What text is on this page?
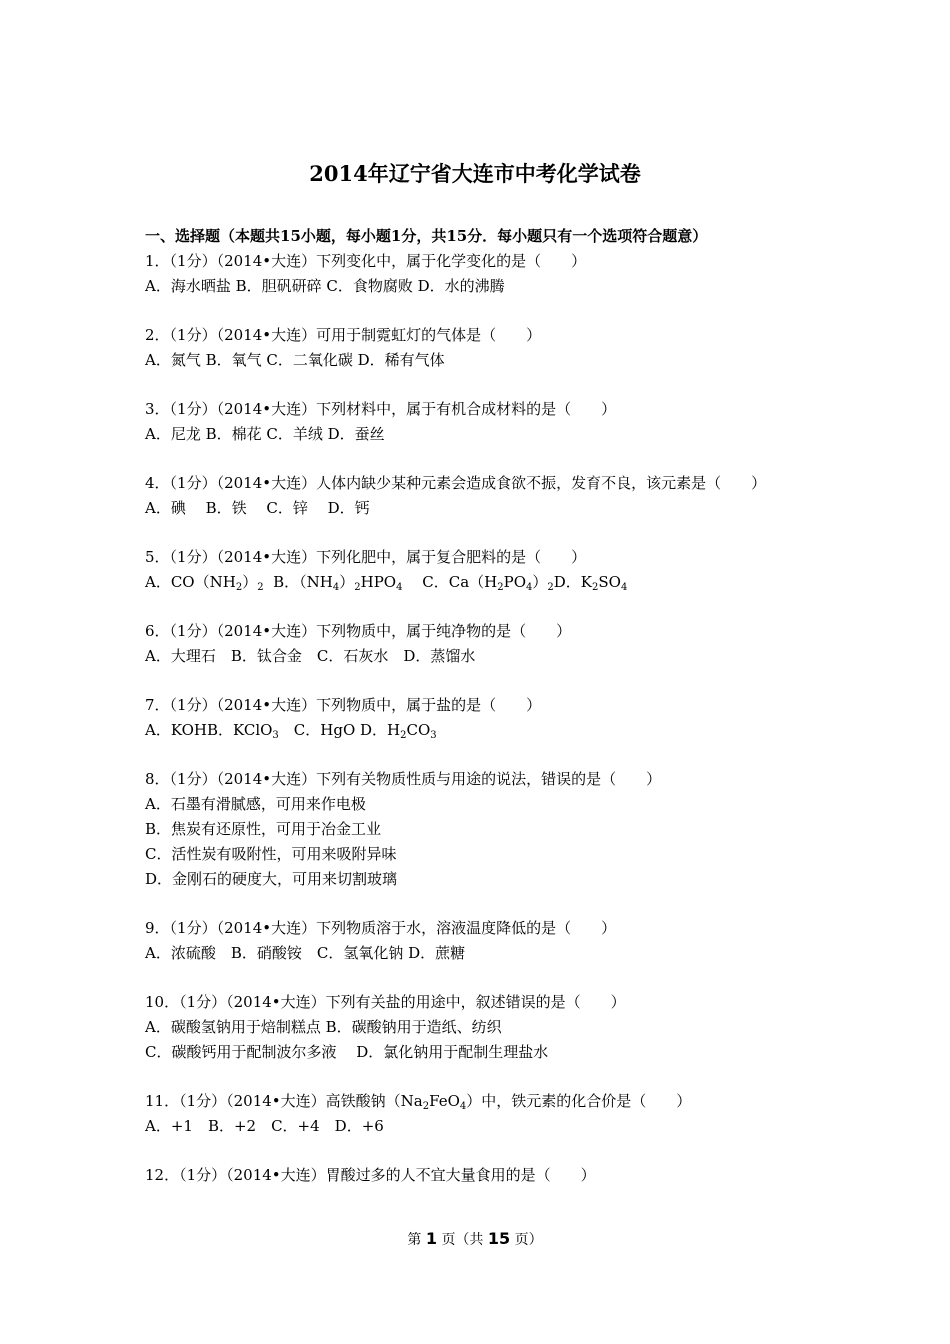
2014年辽宁省大连市中考化学试卷
一、选择题（本题共15小题，每小题1分，共15分．每小题只有一个选项符合题意）
1．（1分）（2014•大连）下列变化中，属于化学变化的是（　　）
A．海水晒盐 B．胆矾研碎 C．食物腐败 D．水的沸腾
2．（1分）（2014•大连）可用于制霓虹灯的气体是（　　）
A．氮气 B．氧气 C．二氧化碳 D．稀有气体
3．（1分）（2014•大连）下列材料中，属于有机合成材料的是（　　）
A．尼龙 B．棉花 C．羊绒 D．蚕丝
4．（1分）（2014•大连）人体内缺少某种元素会造成食欲不振，发育不良，该元素是（　　）
A．碘　 B．铁　 C．锌　 D．钙
5．（1分）（2014•大连）下列化肥中，属于复合肥料的是（　　）
A．$CO(NH_2)_2$  B．$(NH_4)_2HPO_4$　 C．$Ca(H_2PO_4)_2D$．$K_2SO_4$
6．（1分）（2014•大连）下列物质中，属于纯净物的是（　　）
A．大理石　B．钛合金　C．石灰水　D．蒸馏水
7．（1分）（2014•大连）下列物质中，属于盐的是（　　）
A．KOHB．KClO$_3$　C．HgO D．$H_2CO_3$
8．（1分）（2014•大连）下列有关物质性质与用途的说法，错误的是（　　）
A．石墨有滑腻感，可用来作电极
B．焦炭有还原性，可用于冶金工业
C．活性炭有吸附性，可用来吸附异味
D．金刚石的硬度大，可用来切割玻璃
9．（1分）（2014•大连）下列物质溶于水，溶液温度降低的是（　　）
A．浓硫酸　B．硝酸铵　C．氢氧化钠 D．蔗糖
10．（1分）（2014•大连）下列有关盐的用途中，叙述错误的是（　　）
A．碳酸氢钠用于焙制糕点 B．碳酸钠用于造纸、纺织
C．碳酸钙用于配制波尔多液　 D．氯化钠用于配制生理盐水
11．（1分）（2014•大连）高铁酸钠$(Na_2FeO_4)$中，铁元素的化合价是（　　）
A．+1　B．+2　C．+4　D．+6
12．（1分）（2014•大连）胃酸过多的人不宜大量食用的是（　　）
第 1 页（共 15 页）
